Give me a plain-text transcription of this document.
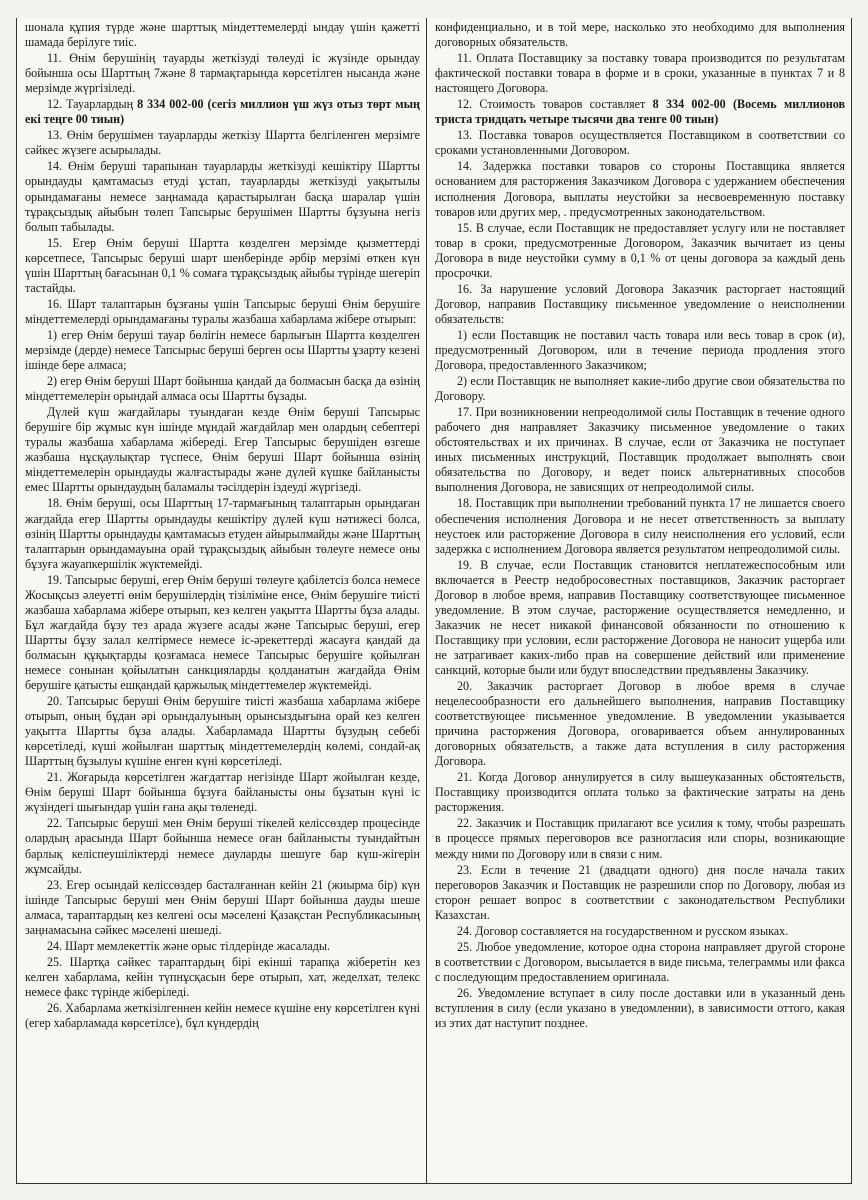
шонала құпия түрде және шарттық міндеттемелерді ындау үшін қажетті шамада берілуге тиіс.

11. Өнім берушінің тауарды жеткізуді төлеуді іс жүзінде орындау бойынша осы Шарттың 7және 8 тармақтарында көрсетілген нысанда және мерзімде жүргізіледі.

12. Тауарлардың 8 334 002-00 (сегіз миллион үш жүз отыз төрт мың екі теңге 00 тиын)

13. Өнім берушімен тауарларды жеткізу Шартта белгіленген мерзімге сәйкес жүзеге асырылады.

14. Өнім беруші тарапынан тауарларды жеткізуді кешіктіру Шартты орындауды қамтамасыз етуді ұстап, тауарларды жеткізуді уақытылы орындамағаны немесе заңнамада қарастырылған басқа шаралар үшін тұрақсыздық айыбын төлеп Тапсырыс берушімен Шартты бұзуына негіз болып табылады.

15. Егер Өнім беруші Шартта көзделген мерзімде қызметтерді көрсетпесе, Тапсырыс беруші шарт шенберінде әрбір мерзімі өткен күн үшін Шарттың бағасынан 0,1 % сомаға тұрақсыздық айыбы түрінде шегеріп тастайды.

16. Шарт талаптарын бұзғаны үшін Тапсырыс беруші Өнім берушіге міндеттемелерді орындамағаны туралы жазбаша хабарлама жібере отырып:

1) егер Өнім беруші тауар бөлігін немесе барлығын Шартта көзделген мерзімде (дерде) немесе Тапсырыс беруші берген осы Шартты ұзарту кезені ішінде бере алмаса;

2) егер Өнім беруші Шарт бойынша қандай да болмасын басқа да өзінің міндеттемелерін орындай алмаса осы Шартты бұзады.

Дүлей күш жағдайлары туындаған кезде Өнім беруші Тапсырыс берушіге бір жұмыс күн ішінде мұндай жағдайлар мен олардың себептері туралы жазбаша хабарлама жібереді. Егер Тапсырыс берушіден өзгеше жазбаша нұсқаулықтар түспесе, Өнім беруші Шарт бойынша өзінің міндеттемелерін орындауды жалғастырады және дүлей күшке байланысты емес Шартты орындаудың баламалы тәсілдерін іздеуді жүргізеді.

18. Өнім беруші, осы Шарттың 17-тармағының талаптарын орындаған жағдайда егер Шартты орындауды кешіктіру дүлей күш нәтижесі болса, өзінің Шартты орындауды қамтамасыз етуден айырылмайды және Шарттың талаптарын орындамауына орай тұрақсыздық айыбын төлеуге немесе оны бұзуға жауапкершілік жүктемейді.

19. Тапсырыс беруші, егер Өнім беруші төлеуге қабілетсіз болса немесе Жосықсыз әлеуетті өнім берушілердің тізіліміне енсе, Өнім берушіге тиісті жазбаша хабарлама жібере отырып, кез келген уақытта Шартты бұза алады. Бұл жағдайда бұзу тез арада жүзеге асады және Тапсырыс беруші, егер Шартты бұзу залал келтірмесе немесе іс-әрекеттерді жасауға қандай да болмасын құқықтарды қозғамаса немесе Тапсырыс берушіге қойылған немесе сонынан қойылатын санкцияларды қолданатын жағдайда Өнім берушіге қатысты ешқандай қаржылық міндеттемелер жүктемейді.

20. Тапсырыс беруші Өнім берушіге тиісті жазбаша хабарлама жібере отырып, оның бұдан әрі орындалуының орынсыздығына орай кез келген уақытта Шартты бұза алады. Хабарламада Шартты бұзудың себебі көрсетіледі, күші жойылған шарттық міндеттемелердің көлемі, сондай-ақ Шарттың бұзылуы күшіне енген күні көрсетіледі.

21. Жоғарыда көрсетілген жағдаттар негізінде Шарт жойылған кезде, Өнім беруші Шарт бойынша бұзуға байланысты оны бұзатын күні іс жүзіндегі шығындар үшін ғана ақы төленеді.

22. Тапсырыс беруші мен Өнім беруші тікелей келіссөздер процесінде олардың арасында Шарт бойынша немесе оған байланысты туындайтын барлық келіспеушіліктерді немесе дауларды шешуге бар күш-жігерін жұмсайды.

23. Егер осындай келіссөздер басталғаннан кейін 21 (жиырма бір) күн ішінде Тапсырыс беруші мен Өнім беруші Шарт бойынша дауды шеше алмаса, тараптардың кез келгені осы мәселені Қазақстан Республикасының заңнамасына сәйкес мәселені шешеді.

24. Шарт мемлекеттік және орыс тілдерінде жасалады.

25. Шартқа сәйкес тараптардың бірі екінші тарапқа жіберетін кез келген хабарлама, кейін түпнұсқасын бере отырып, хат, жеделхат, телекс немесе факс түрінде жіберіледі.

26. Хабарлама жеткізілгеннен кейін немесе күшіне ену көрсетілген күні (егер хабарламада көрсетілсе), бұл күндердің

конфиденциально, и в той мере, насколько это необходимо для выполнения договорных обязательств.

11. Оплата Поставщику за поставку товара производится по результатам фактической поставки товара в форме и в сроки, указанные в пунктах 7 и 8 настоящего Договора.

12. Стоимость товаров составляет 8 334 002-00 (Восемь миллионов триста тридцать четыре тысячи два тенге 00 тиын)

13. Поставка товаров осуществляется Поставщиком в соответствии со сроками установленными Договором.

14. Задержка поставки товаров со стороны Поставщика является основанием для расторжения Заказчиком Договора с удержанием обеспечения исполнения Договора, выплаты неустойки за несвоевременную поставку товаров или других мер, . предусмотренных законодательством.

15. В случае, если Поставщик не предоставляет услугу или не поставляет товар в сроки, предусмотренные Договором, Заказчик вычитает из цены Договора в виде неустойки сумму в 0,1 % от цены договора за каждый день просрочки.

16. За нарушение условий Договора Заказчик расторгает настоящий Договор, направив Поставщику письменное уведомление о неисполнении обязательств:

1) если Поставщик не поставил часть товара или весь товар в срок (и), предусмотренный Договором, или в течение периода продления этого Договора, предоставленного Заказчиком;

2) если Поставщик не выполняет какие-либо другие свои обязательства по Договору.

17. При возникновении непреодолимой силы Поставщик в течение одного рабочего дня направляет Заказчику письменное уведомление о таких обстоятельствах и их причинах. В случае, если от Заказчика не поступает иных письменных инструкций, Поставщик продолжает выполнять свои обязательства по Договору, и ведет поиск альтернативных способов выполнения Договора, не зависящих от непреодолимой силы.

18. Поставщик при выполнении требований пункта 17 не лишается своего обеспечения исполнения Договора и не несет ответственность за выплату неустоек или расторжение Договора в силу неисполнения его условий, если задержка с исполнением Договора является результатом непреодолимой силы.

19. В случае, если Поставщик становится неплатежеспособным или включается в Реестр недобросовестных поставщиков, Заказчик расторгает Договор в любое время, направив Поставщику соответствующее письменное уведомление. В этом случае, расторжение осуществляется немедленно, и Заказчик не несет никакой финансовой обязанности по отношению к Поставщику при условии, если расторжение Договора не наносит ущерба или не затрагивает каких-либо прав на совершение действий или применение санкций, которые были или будут впоследствии предъявлены Заказчику.

20. Заказчик расторгает Договор в любое время в случае нецелесообразности его дальнейшего выполнения, направив Поставщику соответствующее письменное уведомление. В уведомлении указывается причина расторжения Договора, оговаривается объем аннулированных договорных обязательств, а также дата вступления в силу расторжения Договора.

21. Когда Договор аннулируется в силу вышеуказанных обстоятельств, Поставщику производится оплата только за фактические затраты на день расторжения.

22. Заказчик и Поставщик прилагают все усилия к тому, чтобы разрешать в процессе прямых переговоров все разногласия или споры, возникающие между ними по Договору или в связи с ним.

23. Если в течение 21 (двадцати одного) дня после начала таких переговоров Заказчик и Поставщик не разрешили спор по Договору, любая из сторон решает вопрос в соответствии с законодательством Республики Казахстан.

24. Договор составляется на государственном и русском языках.

25. Любое уведомление, которое одна сторона направляет другой стороне в соответствии с Договором, высылается в виде письма, телеграммы или факса с последующим предоставлением оригинала.

26. Уведомление вступает в силу после доставки или в указанный день вступления в силу (если указано в уведомлении), в зависимости оттого, какая из этих дат наступит позднее.
